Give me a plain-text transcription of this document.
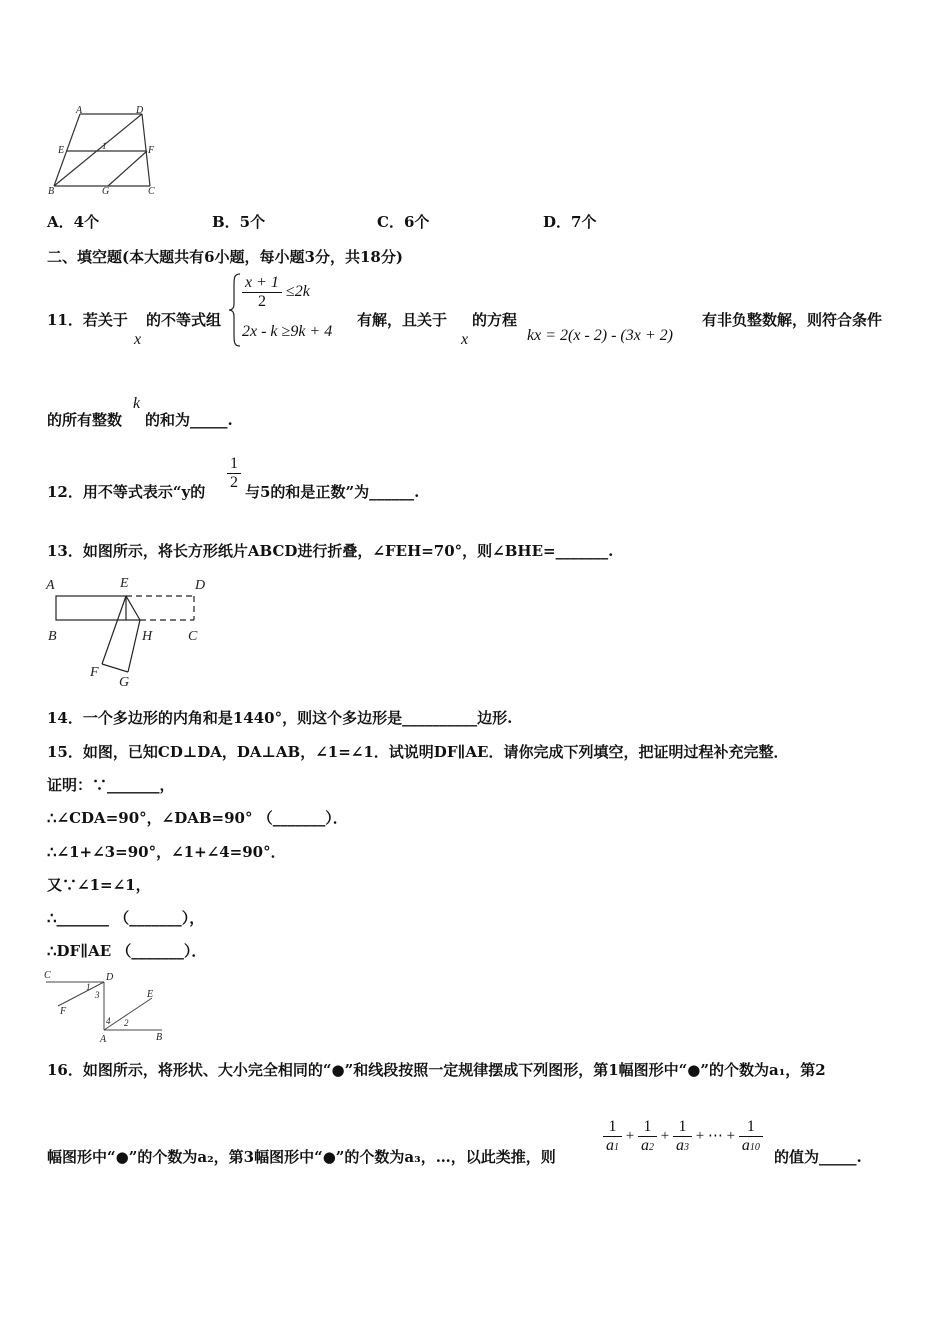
A	D
E	F
1
B	G	C
A．4个	B．5个	C．6个	D．7个
二、填空题(本大题共有6小题，每小题3分，共18分)
11．若关于
x
的不等式组
$\frac{x + 1}{2} \le 2k$
2x - k ≥9k + 4
有解，且关于
x
的方程
kx = 2(x - 2) - (3x + 2)
有非负整数解，则符合条件
的所有整数
k
的和为_____.
12．用不等式表示“y的 $\frac{1}{2}$ 与5的和是正数”为______.
13．如图所示，将长方形纸片ABCD进行折叠，∠FEH=70°，则∠BHE=_______.
A	E	D
B	H	C
F
G
14．一个多边形的内角和是1440°，则这个多边形是__________边形.
15．如图，已知CD⊥DA，DA⊥AB，∠1=∠1．试说明DF∥AE．请你完成下列填空，把证明过程补充完整．
证明：∵_______，
∴∠CDA=90°，∠DAB=90° （_______）．
∴∠1+∠3=90°，∠1+∠4=90°．
又∵∠1=∠1，
∴_______ （_______），
∴DF∥AE （_______）．
C	D
1
3
F
E
4 2
A	B
16．如图所示，将形状、大小完全相同的“●”和线段按照一定规律摆成下列图形，第1幅图形中“●”的个数为a₁，第2
幅图形中“●”的个数为a₂，第3幅图形中“●”的个数为a₃，…，以此类推，则
$\frac{1}{a1} + \frac{1}{a2} + \frac{1}{a3}$ + ⋯ + $\frac{1}{a10}$
的值为_____.
